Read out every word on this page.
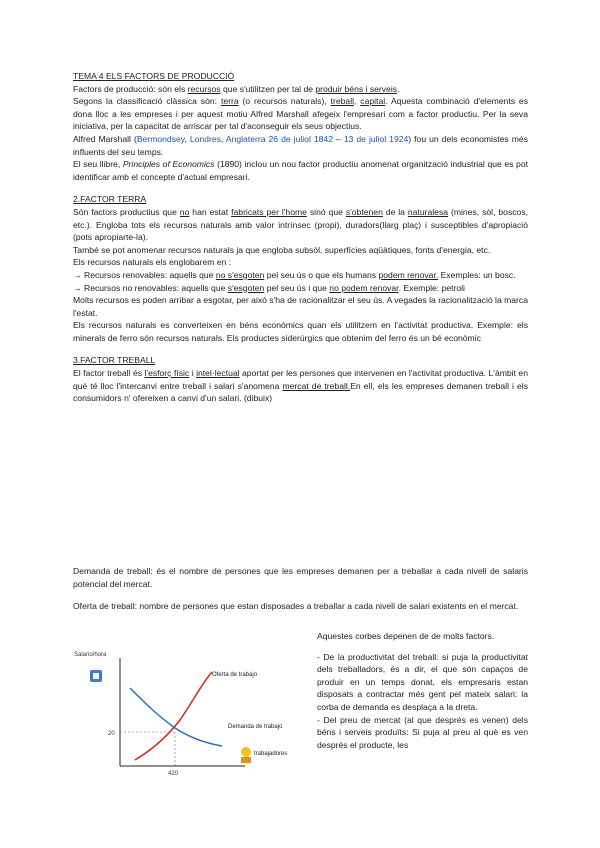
TEMA 4 ELS FACTORS DE PRODUCCIÓ

Factors de producció: són els recursos que s'utilitzen per tal de produir béns i serveis.

Segons la classificació clàssica són: terra (o recursos naturals), treball, capital. Aquesta combinació d'elements es dona lloc a les empreses i per aquest motiu Alfred Marshall afegeix l'empresari com a factor productiu. Per la seva iniciativa, per la capacitat de arriscar per tal d'aconseguir els seus objectius.

Alfred Marshall (Bermondsey, Londres, Anglaterra 26 de juliol 1842 – 13 de juliol 1924) fou un dels economistes més influents del seu temps.

El seu llibre, Principles of Economics (1890) inclou un nou factor productiu anomenat organització industrial que es pot identificar amb el concepte d'actual empresari.

2.FACTOR TERRA

Són factors productius que no han estat fabricats per l'home sinó que s'obtenen de la naturalesa (mines, sòl, boscos, etc.). Engloba tots els recursos naturals amb valor intrínsec (propi), duradors(llarg plaç) i susceptibles d'apropiació (pots apropiarte-la).

També se pot anomenar recursos naturals ja que engloba subsòl, superfícies aqüàtiques, fonts d'energia, etc.

Els recursos naturals els englobarem en :

→ Recursos renovables: aquells que no s'esgoten pel seu ús o que els humans podem renovar. Exemples: un bosc.

→ Recursos no renovables: aquells que s'esgoten pel seu ús i que no podem renovar. Exemple: petroli

Molts recursos es poden arribar a esgotar, per això s'ha de racionalitzar el seu ús. A vegades la racionalització la marca l'estat.

Els recursos naturals es converteixen en béns econòmics quan els utilitzem en l'activitat productiva. Exemple: els minerals de ferro són recursos naturals. Els productes siderúrgics que obtenim del ferro és un bé econòmic

3.FACTOR TREBALL

El factor treball és l'esforç físic i intel·lectual aportat per les persones que intervenen en l'activitat productiva. L'àmbit en què té lloc l'intercanvi entre treball i salari s'anomena mercat de treball.En ell, els les empreses demanen treball i els consumidors n' ofereixen a canvi d'un salari. (dibuix)

Demanda de treball: és el nombre de persones que les empreses demanen per a treballar a cada nivell de salaris potencial del mercat.

Oferta de treball: nombre de persones que estan disposades a treballar a cada nivell de salari existents en el mercat.

Aquestes corbes depenen de de molts factors.

- De la productivitat del treball: si puja la productivitat dels treballadors, és a dir, el que són capaços de produir en un temps donat, els empresaris estan disposats a contractar més gent pel mateix salari: la corba de demanda es desplaça a la dreta.

- Del preu de mercat (al que després es venen) dels béns i serveis produïts: Si puja al preu al què es ven després el producte, les

Salario/hora
20
420
Oferta de trabajo
Demanda de trabajo
trabajadores
